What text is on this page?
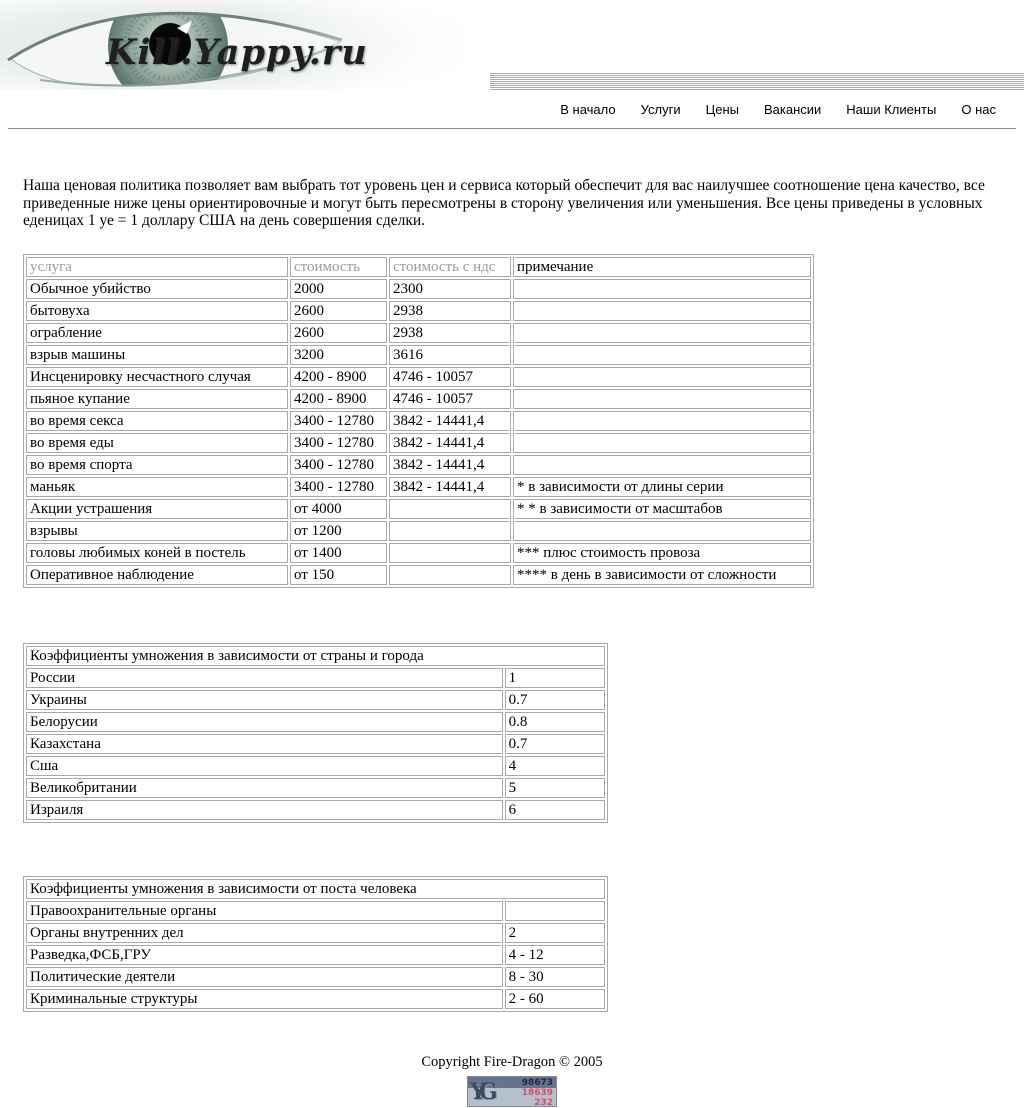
Kill.Yappy.ru
В начало Услуги Цены Вакансии Наши Клиенты О нас

Наша ценовая политика позволяет вам выбрать тот уровень цен и сервиса который обеспечит для вас наилучшее соотношение цена качество, все приведенные ниже цены ориентировочные и могут быть пересмотрены в сторону увеличения или уменьшения. Все цены приведены в условных еденицах 1 уе = 1 доллару США на день совершения сделки.

услуга	стоимость	стоимость с ндс	примечание
Обычное убийство	2000	2300	
бытовуха	2600	2938	
ограбление	2600	2938	
взрыв машины	3200	3616	
Инсценировку несчастного случая	4200 - 8900	4746 - 10057	
пьяное купание	4200 - 8900	4746 - 10057	
во время секса	3400 - 12780	3842 - 14441,4	
во время еды	3400 - 12780	3842 - 14441,4	
во время спорта	3400 - 12780	3842 - 14441,4	
маньяк	3400 - 12780	3842 - 14441,4	* в зависимости от длины серии
Акции устрашения	от 4000		* * в зависимости от масштабов
взрывы	от 1200		
головы любимых коней в постель	от 1400		*** плюс стоимость провоза
Оперативное наблюдение	от 150		**** в день в зависимости от сложности
Коэффициенты умножения в зависимости от страны и города	
России	1
Украины	0.7
Белорусии	0.8
Казахстана	0.7
Сша	4
Великобритании	5
Израиля	6
Коэффициенты умножения в зависимости от поста человека	
Правоохранительные органы	
Органы внутренних дел	2
Разведка,ФСБ,ГРУ	4 - 12
Политические деятели	8 - 30
Криминальные структуры	2 - 60
Copyright Fire-Dragon © 2005
YG	98673
18639
232
